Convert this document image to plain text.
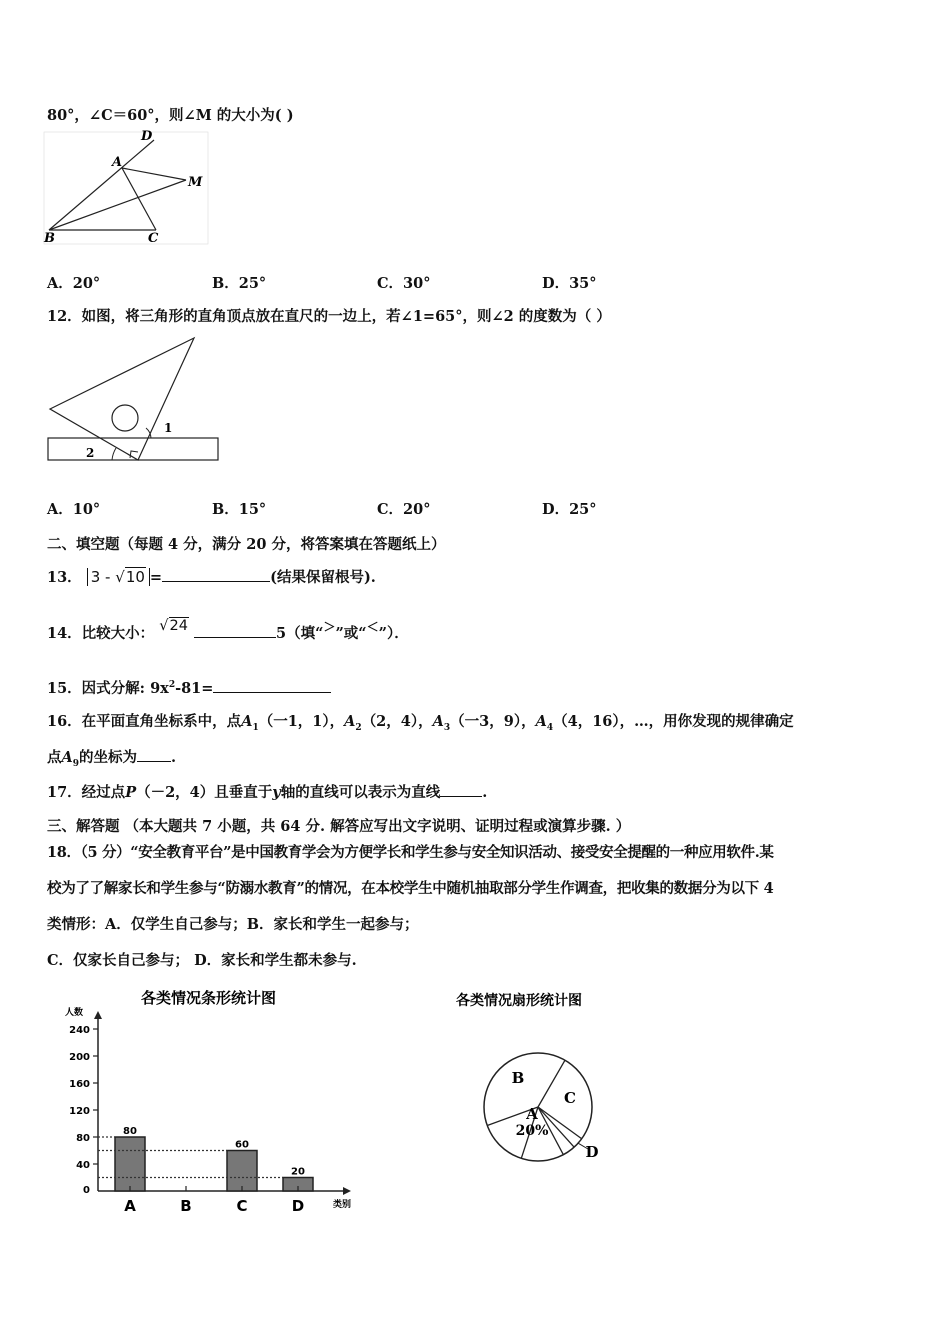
80°，∠C＝60°，则∠M 的大小为( )
D
A
M
B	C
A．20°	B．25°	C．30°	D．35°
12．如图，将三角形的直角顶点放在直尺的一边上，若∠1=65°，则∠2 的度数为（ ）
1
2
A．10°	B．15°	C．20°	D．25°
二、填空题（每题 4 分，满分 20 分，将答案填在答题纸上）
13． 3 - √10 =	(结果保留根号).
14．比较大小： √24	5（填“＞”或“＜”）．
15．因式分解: $9x^2-81=$
16．在平面直角坐标系中，点$A_1$（一1，1），$A_2(2$，4），$A_3$（一3，9），$A_4(4$，16），…，用你发现的规律确定
点$A_9$的坐标为 .
17．经过点P（－2，4）且垂直于y轴的直线可以表示为直线	.
三、解答题 （本大题共 7 小题，共 64 分. 解答应写出文字说明、证明过程或演算步骤. ）
18．（5 分）“安全教育平台”是中国教育学会为方便学长和学生参与安全知识活动、接受安全提醒的一种应用软件.某
校为了了解家长和学生参与“防溺水教育”的情况，在本校学生中随机抽取部分学生作调查，把收集的数据分为以下 4
类情形：A．仅学生自己参与；B．家长和学生一起参与；
C．仅家长自己参与； D．家长和学生都未参与.
各类情况条形统计图
人数
类别
0
40
80
120
160
200
240
80
A	B
60
C
20
D
各类情况扇形统计图
B
C
A
20%
D
